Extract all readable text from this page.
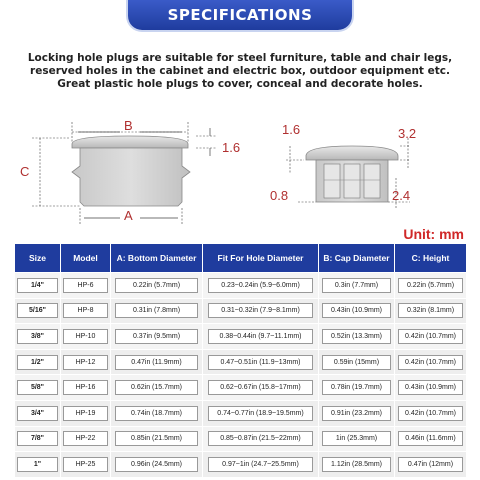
SPECIFICATIONS
Locking hole plugs are suitable for steel furniture, table and chair legs,
reserved holes in the cabinet and electric box, outdoor equipment etc.
Great plastic hole plugs to cover, conceal and decorate holes.
B
1.6
C
A
1.6	3.2
0.8	2.4
Unit: mm
Size	Model	A: Bottom Diameter	Fit For Hole Diameter	B: Cap Diameter	C: Height
1/4"	HP-6	0.22in (5.7mm)	0.23~0.24in (5.9~6.0mm)	0.3in (7.7mm)	0.22in (5.7mm)
5/16"	HP-8	0.31in (7.8mm)	0.31~0.32in (7.9~8.1mm)	0.43in (10.9mm)	0.32in (8.1mm)
3/8"	HP-10	0.37in (9.5mm)	0.38~0.44in (9.7~11.1mm)	0.52in (13.3mm)	0.42in (10.7mm)
1/2"	HP-12	0.47in (11.9mm)	0.47~0.51in (11.9~13mm)	0.59in (15mm)	0.42in (10.7mm)
5/8"	HP-16	0.62in (15.7mm)	0.62~0.67in (15.8~17mm)	0.78in (19.7mm)	0.43in (10.9mm)
3/4"	HP-19	0.74in (18.7mm)	0.74~0.77in (18.9~19.5mm)	0.91in (23.2mm)	0.42in (10.7mm)
7/8"	HP-22	0.85in (21.5mm)	0.85~0.87in (21.5~22mm)	1in (25.3mm)	0.46in (11.6mm)
1"	HP-25	0.96in (24.5mm)	0.97~1in (24.7~25.5mm)	1.12in (28.5mm)	0.47in (12mm)
